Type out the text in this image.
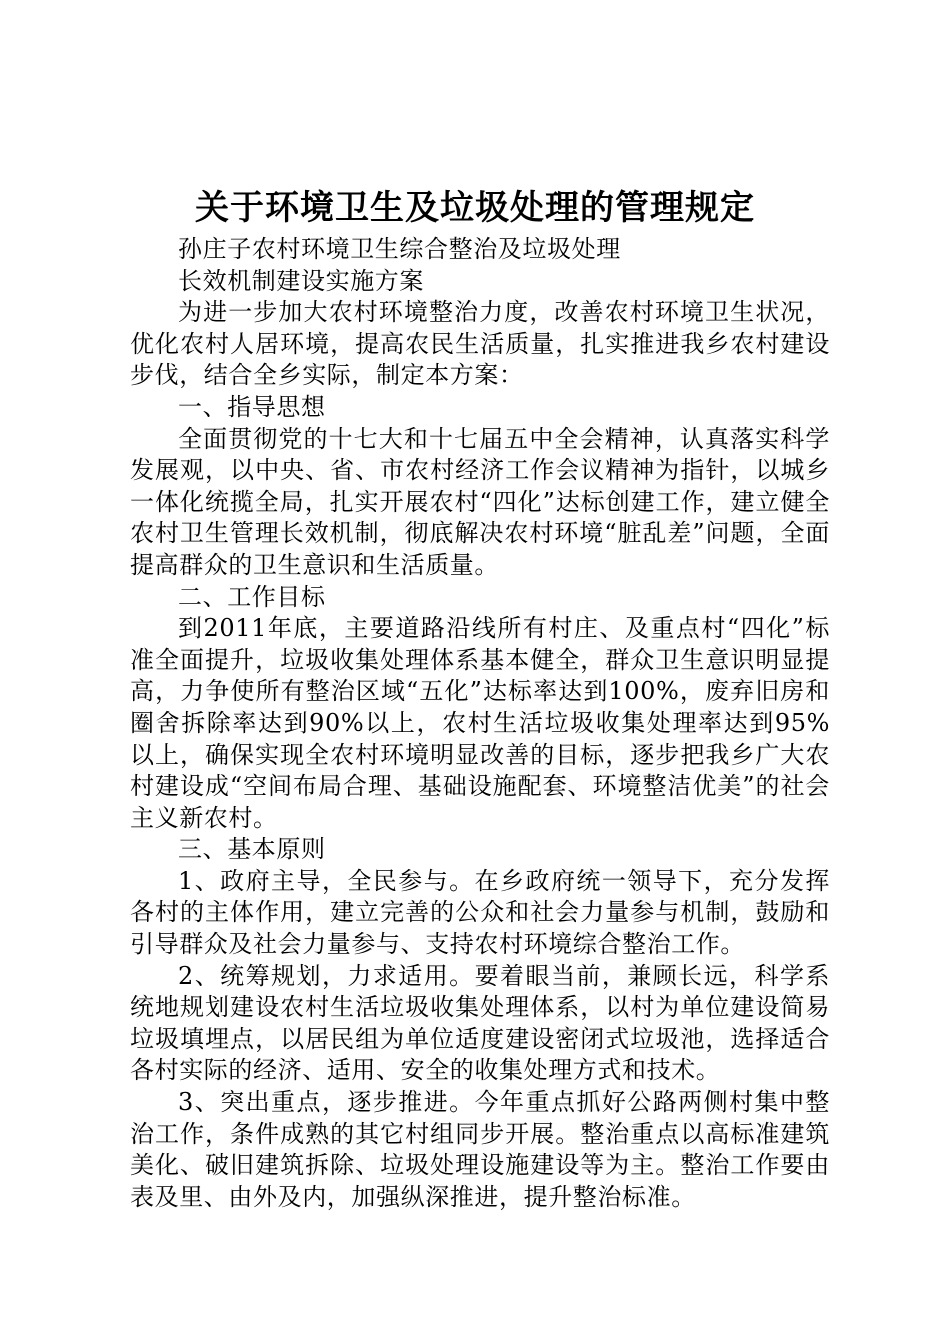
关于环境卫生及垃圾处理的管理规定

孙庄子农村环境卫生综合整治及垃圾处理

长效机制建设实施方案

为进一步加大农村环境整治力度，改善农村环境卫生状况，优化农村人居环境，提高农民生活质量，扎实推进我乡农村建设步伐，结合全乡实际，制定本方案：

一、指导思想

全面贯彻党的十七大和十七届五中全会精神，认真落实科学发展观，以中央、省、市农村经济工作会议精神为指针，以城乡一体化统揽全局，扎实开展农村“四化”达标创建工作，建立健全农村卫生管理长效机制，彻底解决农村环境“脏乱差”问题，全面提高群众的卫生意识和生活质量。

二、工作目标

到2011年底，主要道路沿线所有村庄、及重点村“四化”标准全面提升，垃圾收集处理体系基本健全，群众卫生意识明显提高，力争使所有整治区域“五化”达标率达到100%，废弃旧房和圈舍拆除率达到90%以上，农村生活垃圾收集处理率达到95%以上，确保实现全农村环境明显改善的目标，逐步把我乡广大农村建设成“空间布局合理、基础设施配套、环境整洁优美”的社会主义新农村。

三、基本原则

1、政府主导，全民参与。在乡政府统一领导下，充分发挥各村的主体作用，建立完善的公众和社会力量参与机制，鼓励和引导群众及社会力量参与、支持农村环境综合整治工作。

2、统筹规划，力求适用。要着眼当前，兼顾长远，科学系统地规划建设农村生活垃圾收集处理体系，以村为单位建设简易垃圾填埋点，以居民组为单位适度建设密闭式垃圾池，选择适合各村实际的经济、适用、安全的收集处理方式和技术。

3、突出重点，逐步推进。今年重点抓好公路两侧村集中整治工作，条件成熟的其它村组同步开展。整治重点以高标准建筑美化、破旧建筑拆除、垃圾处理设施建设等为主。整治工作要由表及里、由外及内，加强纵深推进，提升整治标准。
